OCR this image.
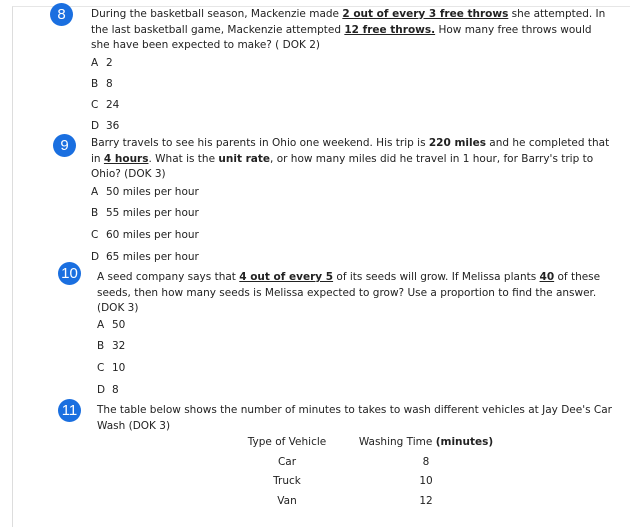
8	During the basketball season, Mackenzie made 2 out of every 3 free throws she attempted. In the last basketball game, Mackenzie attempted 12 free throws. How many free throws would she have been expected to make? ( DOK 2)
A 2
B 8
C 24
D 36
9	Barry travels to see his parents in Ohio one weekend. His trip is 220 miles and he completed that in 4 hours. What is the unit rate, or how many miles did he travel in 1 hour, for Barry's trip to Ohio? (DOK 3)
A 50 miles per hour
B 55 miles per hour
C 60 miles per hour
D 65 miles per hour
10	A seed company says that 4 out of every 5 of its seeds will grow. If Melissa plants 40 of these seeds, then how many seeds is Melissa expected to grow? Use a proportion to find the answer. (DOK 3)
A 50
B 32
C 10
D 8
11	The table below shows the number of minutes to takes to wash different vehicles at Jay Dee's Car Wash (DOK 3)
Type of Vehicle	Washing Time (minutes)
Car	8
Truck	10
Van	12
